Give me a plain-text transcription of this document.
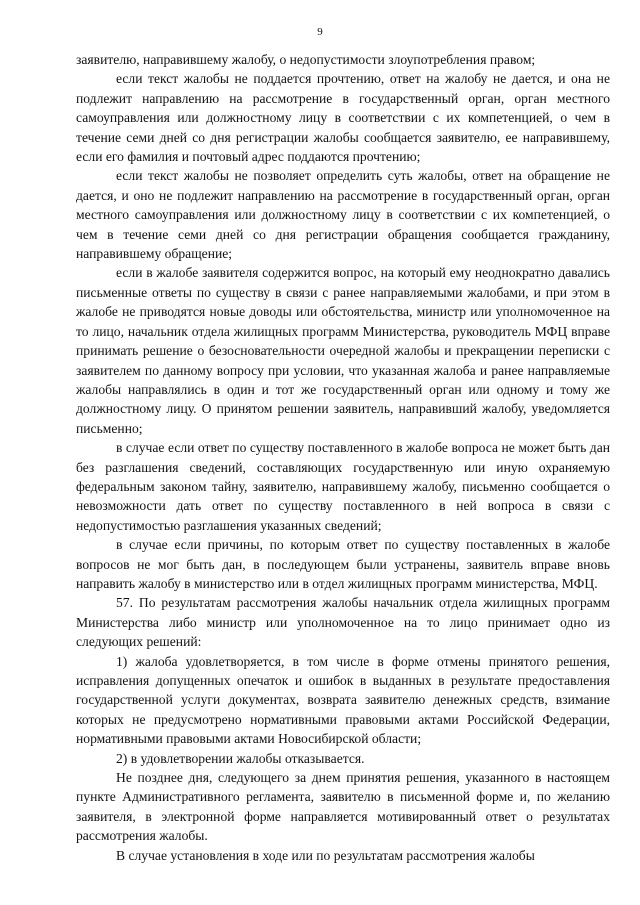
9

заявителю, направившему жалобу, о недопустимости злоупотребления правом;

если текст жалобы не поддается прочтению, ответ на жалобу не дается, и она не подлежит направлению на рассмотрение в государственный орган, орган местного самоуправления или должностному лицу в соответствии с их компетенцией, о чем в течение семи дней со дня регистрации жалобы сообщается заявителю, ее направившему, если его фамилия и почтовый адрес поддаются прочтению;

если текст жалобы не позволяет определить суть жалобы, ответ на обращение не дается, и оно не подлежит направлению на рассмотрение в государственный орган, орган местного самоуправления или должностному лицу в соответствии с их компетенцией, о чем в течение семи дней со дня регистрации обращения сообщается гражданину, направившему обращение;

если в жалобе заявителя содержится вопрос, на который ему неоднократно давались письменные ответы по существу в связи с ранее направляемыми жалобами, и при этом в жалобе не приводятся новые доводы или обстоятельства, министр или уполномоченное на то лицо, начальник отдела жилищных программ Министерства, руководитель МФЦ вправе принимать решение о безосновательности очередной жалобы и прекращении переписки с заявителем по данному вопросу при условии, что указанная жалоба и ранее направляемые жалобы направлялись в один и тот же государственный орган или одному и тому же должностному лицу. О принятом решении заявитель, направивший жалобу, уведомляется письменно;

в случае если ответ по существу поставленного в жалобе вопроса не может быть дан без разглашения сведений, составляющих государственную или иную охраняемую федеральным законом тайну, заявителю, направившему жалобу, письменно сообщается о невозможности дать ответ по существу поставленного в ней вопроса в связи с недопустимостью разглашения указанных сведений;

в случае если причины, по которым ответ по существу поставленных в жалобе вопросов не мог быть дан, в последующем были устранены, заявитель вправе вновь направить жалобу в министерство или в отдел жилищных программ министерства, МФЦ.

57. По результатам рассмотрения жалобы начальник отдела жилищных программ Министерства либо министр или уполномоченное на то лицо принимает одно из следующих решений:

1) жалоба удовлетворяется, в том числе в форме отмены принятого решения, исправления допущенных опечаток и ошибок в выданных в результате предоставления государственной услуги документах, возврата заявителю денежных средств, взимание которых не предусмотрено нормативными правовыми актами Российской Федерации, нормативными правовыми актами Новосибирской области;

2) в удовлетворении жалобы отказывается.

Не позднее дня, следующего за днем принятия решения, указанного в настоящем пункте Административного регламента, заявителю в письменной форме и, по желанию заявителя, в электронной форме направляется мотивированный ответ о результатах рассмотрения жалобы.

В случае установления в ходе или по результатам рассмотрения жалобы
